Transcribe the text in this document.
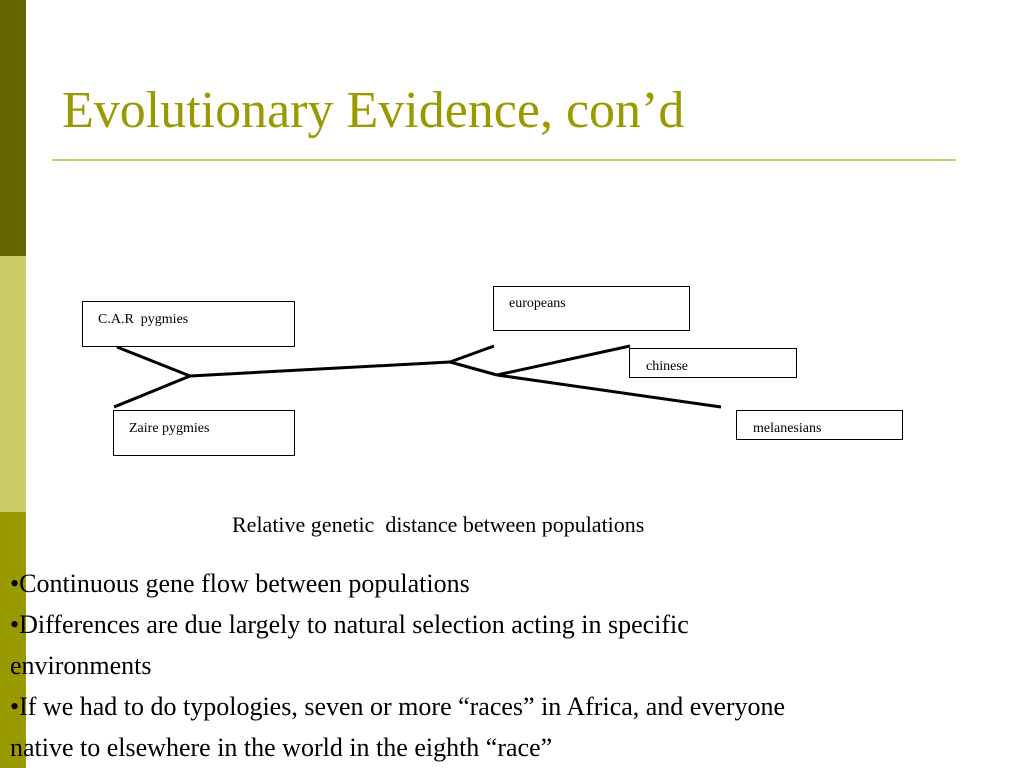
Evolutionary Evidence, con’d
C.A.R  pygmies
Zaire pygmies
europeans
chinese
melanesians
Relative genetic  distance between populations
•Continuous gene flow between populations
•Differences are due largely to natural selection acting in specific
environments
•If we had to do typologies, seven or more “races” in Africa, and everyone
native to elsewhere in the world in the eighth “race”
